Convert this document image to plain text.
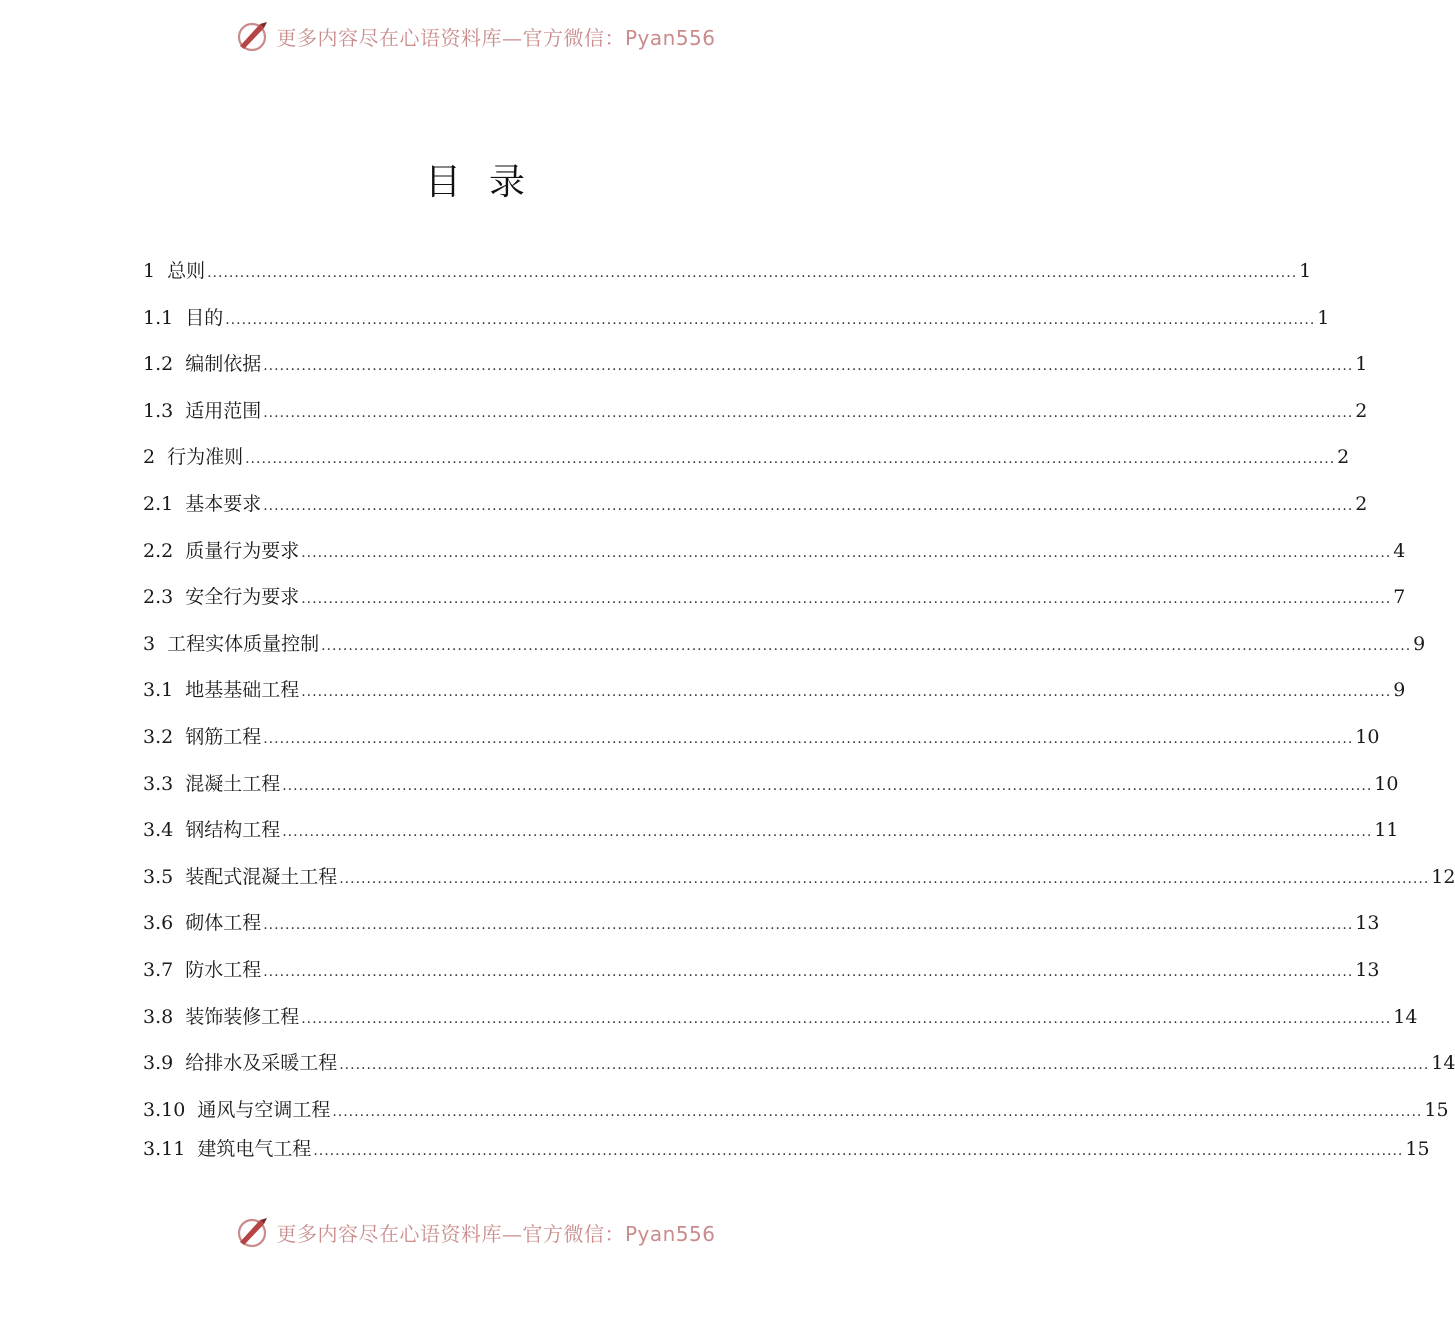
更多内容尽在心语资料库—官方微信：Pyan556
目录
1 总则 ........................................................................................................................................................................................................ 1
1.1 目的 ........................................................................................................................................................................................................ 1
1.2 编制依据 ........................................................................................................................................................................................................ 1
1.3 适用范围 ........................................................................................................................................................................................................ 2
2 行为准则 ........................................................................................................................................................................................................ 2
2.1 基本要求 ........................................................................................................................................................................................................ 2
2.2 质量行为要求 ........................................................................................................................................................................................................ 4
2.3 安全行为要求 ........................................................................................................................................................................................................ 7
3 工程实体质量控制 ........................................................................................................................................................................................................ 9
3.1 地基基础工程 ........................................................................................................................................................................................................ 9
3.2 钢筋工程 ........................................................................................................................................................................................................ 10
3.3 混凝土工程 ........................................................................................................................................................................................................ 10
3.4 钢结构工程 ........................................................................................................................................................................................................ 11
3.5 装配式混凝土工程 ........................................................................................................................................................................................................ 12
3.6 砌体工程 ........................................................................................................................................................................................................ 13
3.7 防水工程 ........................................................................................................................................................................................................ 13
3.8 装饰装修工程 ........................................................................................................................................................................................................ 14
3.9 给排水及采暖工程 ........................................................................................................................................................................................................ 14
3.10 通风与空调工程 ........................................................................................................................................................................................................ 15
3.11 建筑电气工程 ........................................................................................................................................................................................................ 15
更多内容尽在心语资料库—官方微信：Pyan556
